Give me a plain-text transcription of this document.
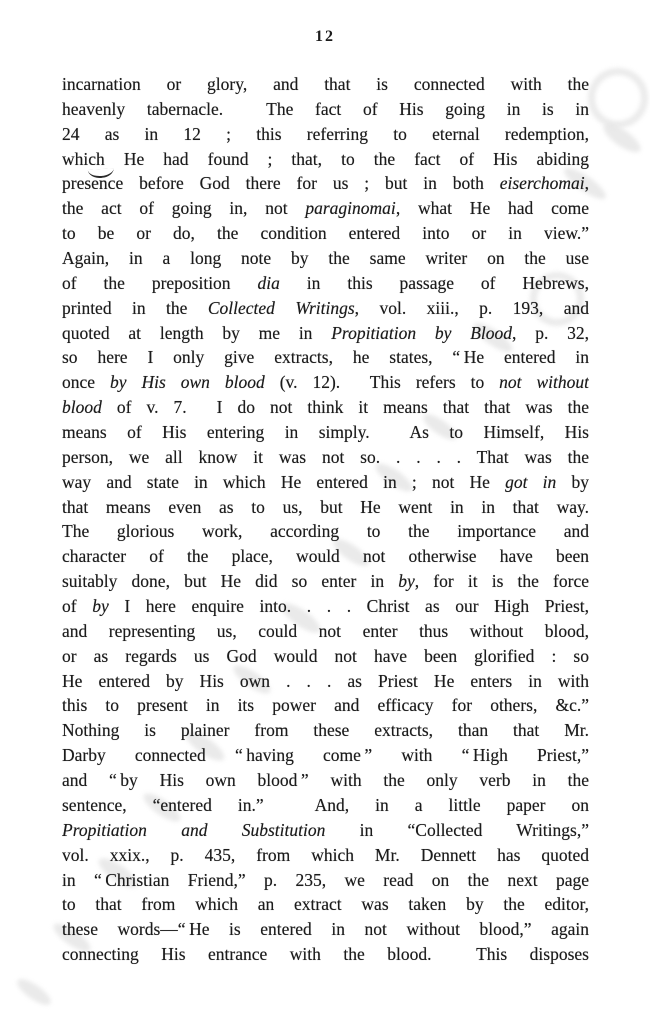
12
incarnation or glory, and that is connected with the
heavenly tabernacle.  The fact of His going in is in
24 as in 12 ; this referring to eternal redemption,
which He had found ; that, to the fact of His abiding
presence before God there for us ; but in both eiserchomai,
the act of going in, not paraginomai, what He had come
to be or do, the condition entered into or in view.”
Again, in a long note by the same writer on the use
of the preposition dia in this passage of Hebrews,
printed in the Collected Writings, vol. xiii., p. 193, and
quoted at length by me in Propitiation by Blood, p. 32,
so here I only give extracts, he states, “ He entered in
once by His own blood (v. 12).  This refers to not without
blood of v. 7.  I do not think it means that that was the
means of His entering in simply.  As to Himself, His
person, we all know it was not so. . . . . That was the
way and state in which He entered in ; not He got in by
that means even as to us, but He went in in that way.
The glorious work, according to the importance and
character of the place, would not otherwise have been
suitably done, but He did so enter in by, for it is the force
of by I here enquire into. . . . Christ as our High Priest,
and representing us, could not enter thus without blood,
or as regards us God would not have been glorified : so
He entered by His own . . . as Priest He enters in with
this to present in its power and efficacy for others, &c.”
Nothing is plainer from these extracts, than that Mr.
Darby connected “ having come ” with “ High Priest,”
and “ by His own blood ” with the only verb in the
sentence, “entered in.”  And, in a little paper on
Propitiation and Substitution in “Collected Writings,”
vol. xxix., p. 435, from which Mr. Dennett has quoted
in “ Christian Friend,” p. 235, we read on the next page
to that from which an extract was taken by the editor,
these words—“ He is entered in not without blood,” again
connecting His entrance with the blood.  This disposes
